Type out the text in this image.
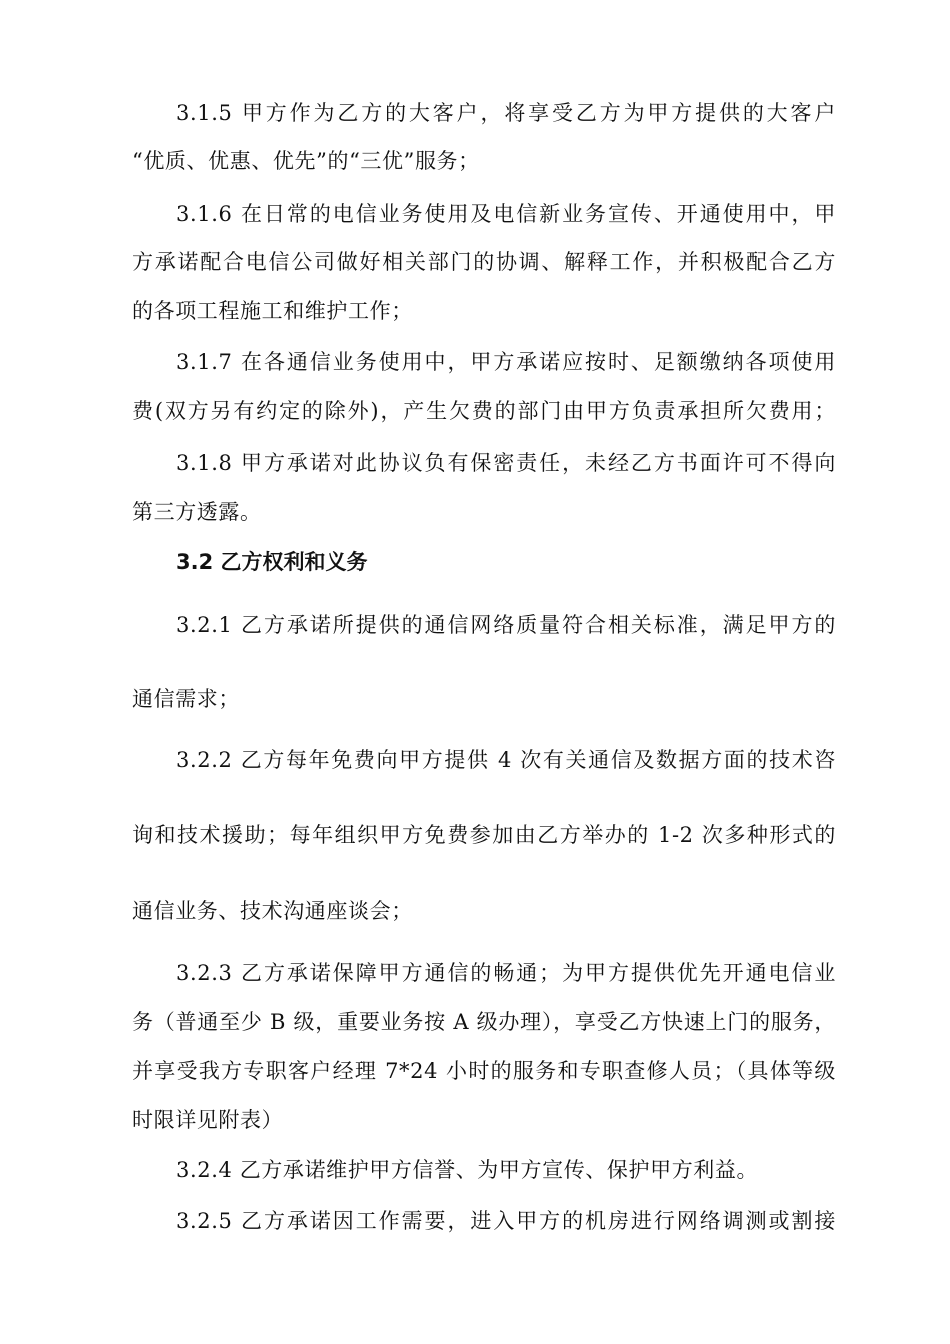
3.1.5 甲方作为乙方的大客户，将享受乙方为甲方提供的大客户
“优质、优惠、优先”的“三优”服务；
3.1.6 在日常的电信业务使用及电信新业务宣传、开通使用中，甲
方承诺配合电信公司做好相关部门的协调、解释工作，并积极配合乙方
的各项工程施工和维护工作；
3.1.7 在各通信业务使用中，甲方承诺应按时、足额缴纳各项使用
费(双方另有约定的除外)，产生欠费的部门由甲方负责承担所欠费用；
3.1.8 甲方承诺对此协议负有保密责任，未经乙方书面许可不得向
第三方透露。
3.2 乙方权利和义务
3.2.1 乙方承诺所提供的通信网络质量符合相关标准，满足甲方的
通信需求；
3.2.2 乙方每年免费向甲方提供 4 次有关通信及数据方面的技术咨
询和技术援助；每年组织甲方免费参加由乙方举办的 1-2 次多种形式的
通信业务、技术沟通座谈会；
3.2.3 乙方承诺保障甲方通信的畅通；为甲方提供优先开通电信业
务（普通至少 B 级，重要业务按 A 级办理），享受乙方快速上门的服务，
并享受我方专职客户经理 7*24 小时的服务和专职查修人员；（具体等级
时限详见附表）
3.2.4 乙方承诺维护甲方信誉、为甲方宣传、保护甲方利益。
3.2.5 乙方承诺因工作需要，进入甲方的机房进行网络调测或割接
